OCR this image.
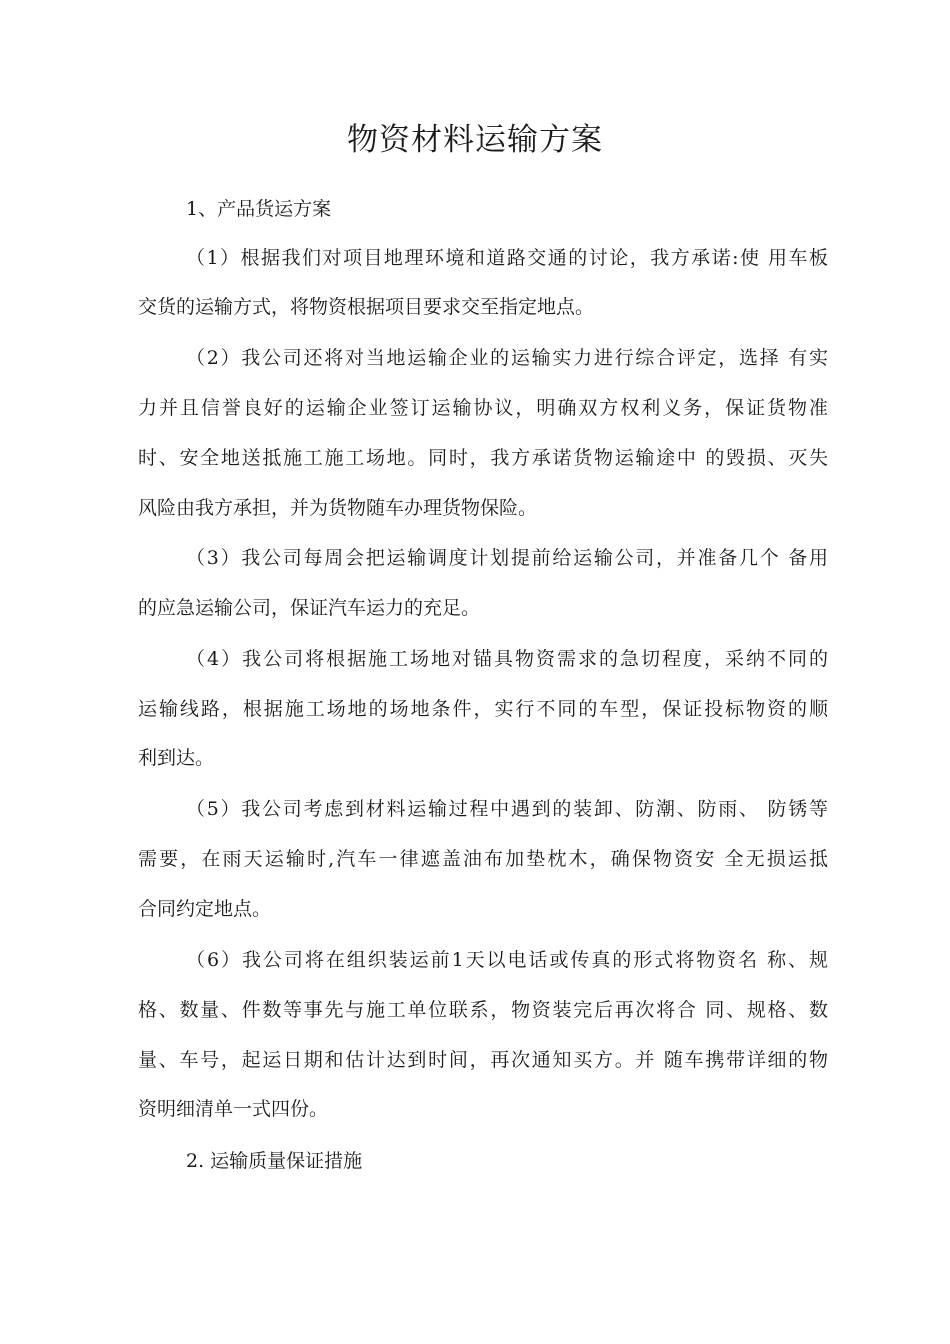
物资材料运输方案

1、产品货运方案

（1）根据我们对项目地理环境和道路交通的讨论，我方承诺:使 用车板

交货的运输方式，将物资根据项目要求交至指定地点。

（2）我公司还将对当地运输企业的运输实力进行综合评定，选择 有实

力并且信誉良好的运输企业签订运输协议，明确双方权利义务，保证货物准

时、安全地送抵施工施工场地。同时，我方承诺货物运输途中 的毁损、灭失

风险由我方承担，并为货物随车办理货物保险。

（3）我公司每周会把运输调度计划提前给运输公司，并准备几个 备用

的应急运输公司，保证汽车运力的充足。

（4）我公司将根据施工场地对锚具物资需求的急切程度，采纳不同的

运输线路，根据施工场地的场地条件，实行不同的车型，保证投标物资的顺

利到达。

（5）我公司考虑到材料运输过程中遇到的装卸、防潮、防雨、 防锈等

需要，在雨天运输时,汽车一律遮盖油布加垫枕木，确保物资安 全无损运抵

合同约定地点。

（6）我公司将在组织装运前1天以电话或传真的形式将物资名 称、规

格、数量、件数等事先与施工单位联系，物资装完后再次将合 同、规格、数

量、车号，起运日期和估计达到时间，再次通知买方。并 随车携带详细的物

资明细清单一式四份。

2. 运输质量保证措施
